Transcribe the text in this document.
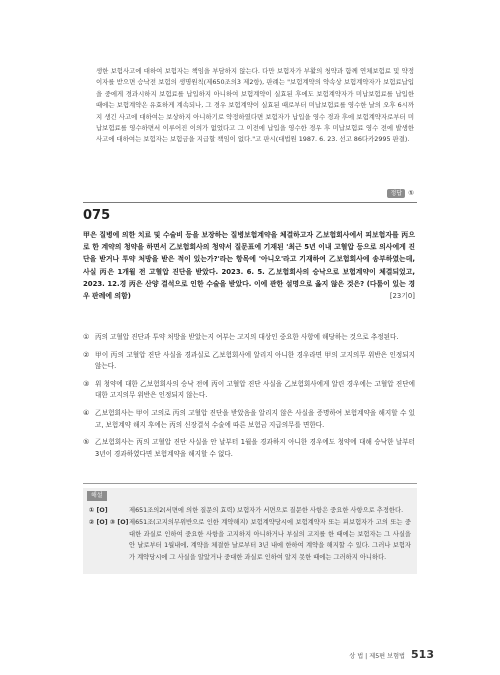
생한 보험사고에 대하여 보험자는 책임을 부담하지 않는다. 다만 보험자가 부활의 청약과 함께 연체보험료 및 약정이자를 받으면 승낙전 보험의 생명원칙(제650조의3 제2항), 판례는 "보험계약의 약속상 보험계약자가 보험료납입을 중에게 경과시하지 보험료를 납입하지 아니하여 보험계약이 실효된 후에도 보험계약자가 미납보험료를 납입한 때에는 보험계약은 유효하게 계속되나, 그 경우 보험계약이 실효된 때로부터 미납보험료를 영수한 날의 오후 6시까지 생긴 사고에 대하여는 보상하지 아니하기로 약정하였다면 보험자가 납입을 영수 경과 후에 보험계약자로부터 미납보험료를 영수하면서 이루어진 이의가 없었다고 그 이전에 납입을 영수한 경우 후 미납보험료 영수 전에 발생한 사고에 대하여는 보험자는 보험금을 지급할 책임이 없다."고 판시(대법원 1987. 6. 23. 선고 86다카2995 판결).

정답 ⑤
075
甲은 질병에 의한 치료 및 수술비 등을 보장하는 질병보험계약을 체결하고자 乙보험회사에서 피보험자를 丙으로 한 계약의 청약을 하면서 乙보험회사의 청약서 질문표에 기재된 '최근 5년 이내 고혈압 등으로 의사에게 진단을 받거나 투약 처방을 받은 적이 있는가?'라는 항목에 '아니오'라고 기재하여 乙보험회사에 송부하였는데, 사실 丙은 1개월 전 고혈압 진단을 받았다. 2023. 6. 5. 乙보험회사의 승낙으로 보험계약이 체결되었고, 2023. 12.경 丙은 산양 결석으로 인한 수술을 받았다. 이에 관한 설명으로 옳지 않은 것은? (다툼이 있는 경우 판례에 의함)	[23기0]
① 丙의 고혈압 진단과 투약 처방을 받았는지 여부는 고지의 대상인 중요한 사항에 해당하는 것으로 추정된다.
② 甲이 丙의 고혈압 진단 사실을 경과실로 乙보험회사에 알리지 아니한 경우라면 甲의 고지의무 위반은 인정되지 않는다.
③ 위 청약에 대한 乙보험회사의 승낙 전에 丙이 고혈압 진단 사실을 乙보험회사에게 알린 경우에는 고혈압 진단에 대한 고지의무 위반은 인정되지 않는다.
④ 乙보험회사는 甲이 고의로 丙의 고혈압 진단을 받았음을 알리지 않은 사실을 증명하여 보험계약을 해지할 수 있고, 보험계약 해지 후에는 丙의 신장결석 수술에 따른 보험금 지급의무를 면한다.
⑤ 乙보험회사는 丙의 고혈압 진단 사실을 안 날부터 1월을 경과하지 아니한 경우에도 청약에 대해 승낙한 날부터 3년이 경과하였다면 보험계약을 해지할 수 없다.
해설
① [O]	제651조의2(서면에 의한 질문의 효력) 보험자가 서면으로 질문한 사항은 중요한 사항으로 추정한다.
② [O] ③ [O] 제651조(고지의무위반으로 인한 계약해지) 보험계약당시에 보험계약자 또는 피보험자가 고의 또는 중대한 과실로 인하여 중요한 사항을 고지하지 아니하거나 부실의 고지를 한 때에는 보험자는 그 사실을 안 날로부터 1월내에, 계약을 체결한 날로부터 3년 내에 한하여 계약을 해지할 수 있다. 그러나 보험자가 계약당시에 그 사실을 알았거나 중대한 과실로 인하여 알지 못한 때에는 그러하지 아니하다.
상 법 | 제5편 보험법 513
